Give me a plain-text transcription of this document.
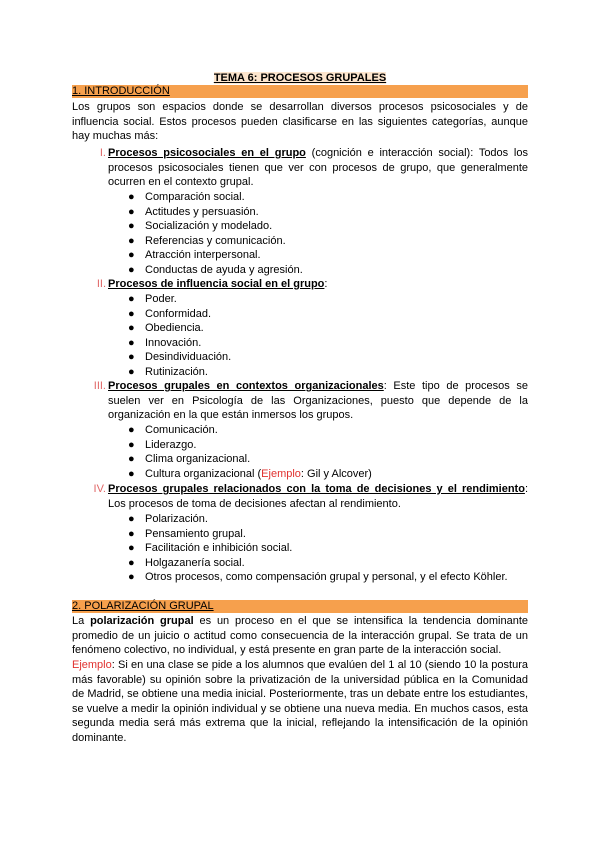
TEMA 6: PROCESOS GRUPALES
1. INTRODUCCIÓN

Los grupos son espacios donde se desarrollan diversos procesos psicosociales y de influencia social. Estos procesos pueden clasificarse en las siguientes categorías, aunque hay muchas más:

I. Procesos psicosociales en el grupo (cognición e interacción social): Todos los procesos psicosociales tienen que ver con procesos de grupo, que generalmente ocurren en el contexto grupal.

● Comparación social.
● Actitudes y persuasión.
● Socialización y modelado.
● Referencias y comunicación.
● Atracción interpersonal.
● Conductas de ayuda y agresión.
II. Procesos de influencia social en el grupo:

● Poder.
● Conformidad.
● Obediencia.
● Innovación.
● Desindividuación.
● Rutinización.
III. Procesos grupales en contextos organizacionales: Este tipo de procesos se suelen ver en Psicología de las Organizaciones, puesto que depende de la organización en la que están inmersos los grupos.

● Comunicación.
● Liderazgo.
● Clima organizacional.
● Cultura organizacional (Ejemplo: Gil y Alcover)
IV. Procesos grupales relacionados con la toma de decisiones y el rendimiento: Los procesos de toma de decisiones afectan al rendimiento.

● Polarización.
● Pensamiento grupal.
● Facilitación e inhibición social.
● Holgazanería social.
● Otros procesos, como compensación grupal y personal, y el efecto Köhler.
2. POLARIZACIÓN GRUPAL

La polarización grupal es un proceso en el que se intensifica la tendencia dominante promedio de un juicio o actitud como consecuencia de la interacción grupal. Se trata de un fenómeno colectivo, no individual, y está presente en gran parte de la interacción social.

Ejemplo: Si en una clase se pide a los alumnos que evalúen del 1 al 10 (siendo 10 la postura más favorable) su opinión sobre la privatización de la universidad pública en la Comunidad de Madrid, se obtiene una media inicial. Posteriormente, tras un debate entre los estudiantes, se vuelve a medir la opinión individual y se obtiene una nueva media. En muchos casos, esta segunda media será más extrema que la inicial, reflejando la intensificación de la opinión dominante.
